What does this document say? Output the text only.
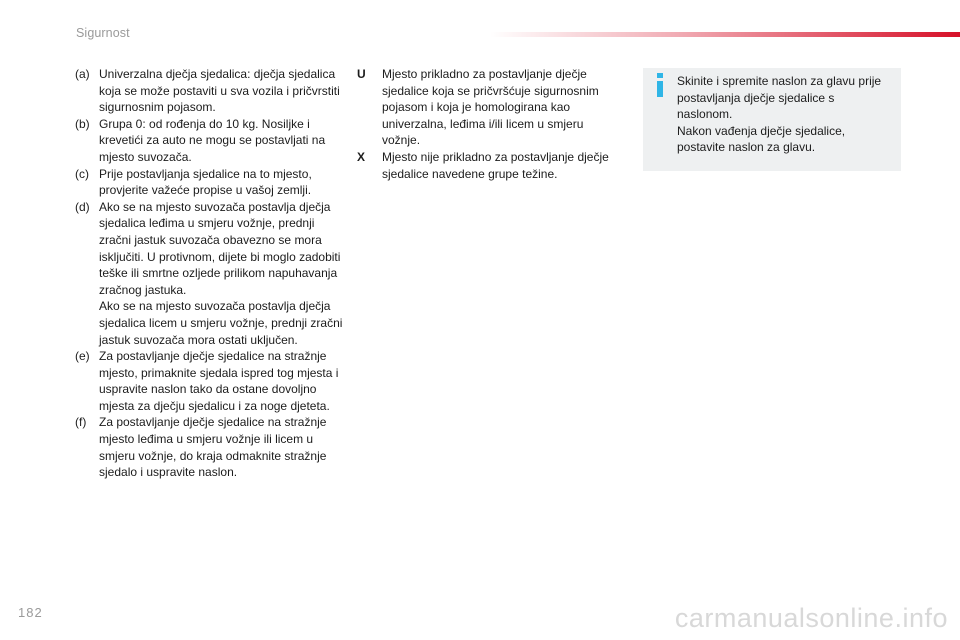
Sigurnost
(a) Univerzalna dječja sjedalica: dječja sjedalica koja se može postaviti u sva vozila i pričvrstiti sigurnosnim pojasom.
(b) Grupa 0: od rođenja do 10 kg. Nosiljke i krevetići za auto ne mogu se postavljati na mjesto suvozača.
(c) Prije postavljanja sjedalice na to mjesto, provjerite važeće propise u vašoj zemlji.
(d) Ako se na mjesto suvozača postavlja dječja sjedalica leđima u smjeru vožnje, prednji zračni jastuk suvozača obavezno se mora isključiti. U protivnom, dijete bi moglo zadobiti teške ili smrtne ozljede prilikom napuhavanja zračnog jastuka.
Ako se na mjesto suvozača postavlja dječja sjedalica licem u smjeru vožnje, prednji zračni jastuk suvozača mora ostati uključen.
(e) Za postavljanje dječje sjedalice na stražnje mjesto, primaknite sjedala ispred tog mjesta i uspravite naslon tako da ostane dovoljno mjesta za dječju sjedalicu i za noge djeteta.
(f)	Za postavljanje dječje sjedalice na stražnje mjesto leđima u smjeru vožnje ili licem u smjeru vožnje, do kraja odmaknite stražnje sjedalo i uspravite naslon.
U	Mjesto prikladno za postavljanje dječje sjedalice koja se pričvršćuje sigurnosnim pojasom i koja je homologirana kao univerzalna, leđima i/ili licem u smjeru vožnje.
X	Mjesto nije prikladno za postavljanje dječje sjedalice navedene grupe težine.
Skinite i spremite naslon za glavu prije postavljanja dječje sjedalice s naslonom.
Nakon vađenja dječje sjedalice, postavite naslon za glavu.
182	carmanualsonline.info
